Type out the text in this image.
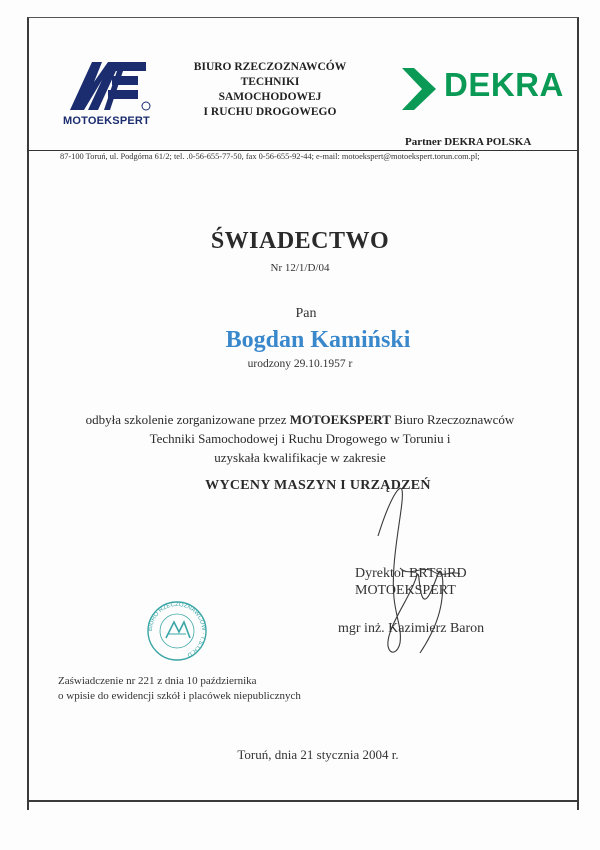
MOTOEKSPERT
BIURO RZECZOZNAWCÓW
TECHNIKI
SAMOCHODOWEJ
I RUCHU DROGOWEGO
DEKRA
Partner DEKRA POLSKA
87-100 Toruń, ul. Podgórna 61/2; tel. .0-56-655-77-50, fax 0-56-655-92-44; e-mail: motoekspert@motoekspert.torun.com.pl;
ŚWIADECTWO
Nr 12/1/D/04
Pan
Bogdan Kamiński
urodzony 29.10.1957 r
odbyła szkolenie zorganizowane przez MOTOEKSPERT Biuro Rzeczoznawców
Techniki Samochodowej i Ruchu Drogowego w Toruniu i
uzyskała kwalifikacje w zakresie
WYCENY MASZYN I URZĄDZEŃ
Dyrektor BRTSiRD
MOTOEKSPERT
mgr inż. Kazimierz Baron
BIURO RZECZOZNAWCÓW · T.S.I.R.D
Zaświadczenie nr 221 z dnia 10 października
o wpisie do ewidencji szkół i placówek niepublicznych
Toruń, dnia 21 stycznia 2004 r.
